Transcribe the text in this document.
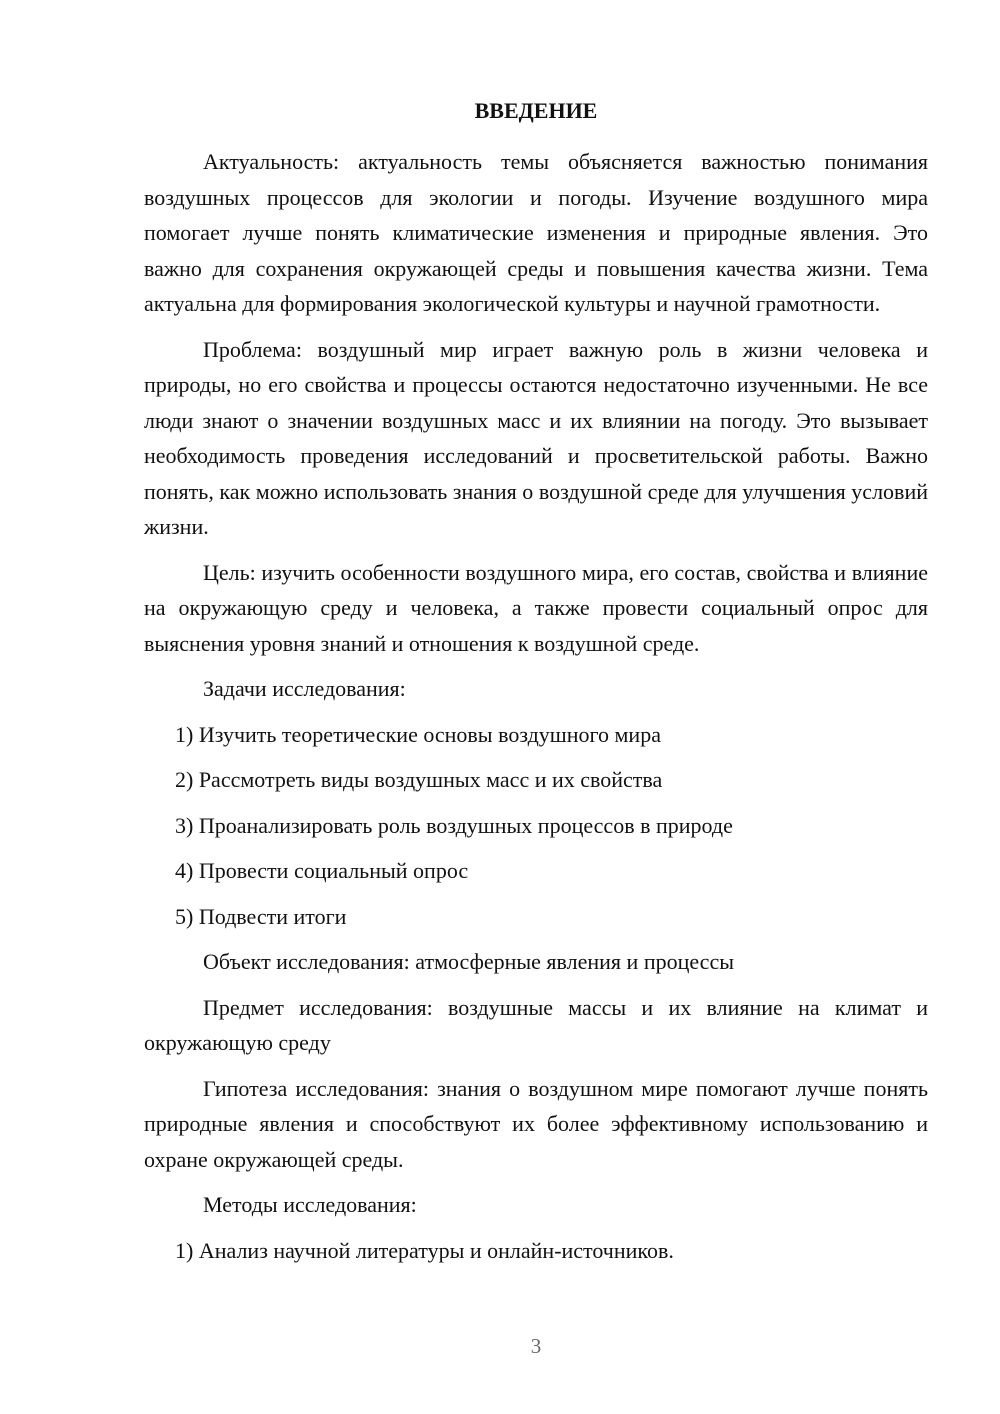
ВВЕДЕНИЕ

Актуальность: актуальность темы объясняется важностью понимания воздушных процессов для экологии и погоды. Изучение воздушного мира помогает лучше понять климатические изменения и природные явления. Это важно для сохранения окружающей среды и повышения качества жизни. Тема актуальна для формирования экологической культуры и научной грамотности.

Проблема: воздушный мир играет важную роль в жизни человека и природы, но его свойства и процессы остаются недостаточно изученными. Не все люди знают о значении воздушных масс и их влиянии на погоду. Это вызывает необходимость проведения исследований и просветительской работы. Важно понять, как можно использовать знания о воздушной среде для улучшения условий жизни.

Цель: изучить особенности воздушного мира, его состав, свойства и влияние на окружающую среду и человека, а также провести социальный опрос для выяснения уровня знаний и отношения к воздушной среде.

Задачи исследования:

1) Изучить теоретические основы воздушного мира

2) Рассмотреть виды воздушных масс и их свойства

3) Проанализировать роль воздушных процессов в природе

4) Провести социальный опрос

5) Подвести итоги

Объект исследования: атмосферные явления и процессы

Предмет исследования: воздушные массы и их влияние на климат и окружающую среду

Гипотеза исследования: знания о воздушном мире помогают лучше понять природные явления и способствуют их более эффективному использованию и охране окружающей среды.

Методы исследования:

1) Анализ научной литературы и онлайн-источников.

3
